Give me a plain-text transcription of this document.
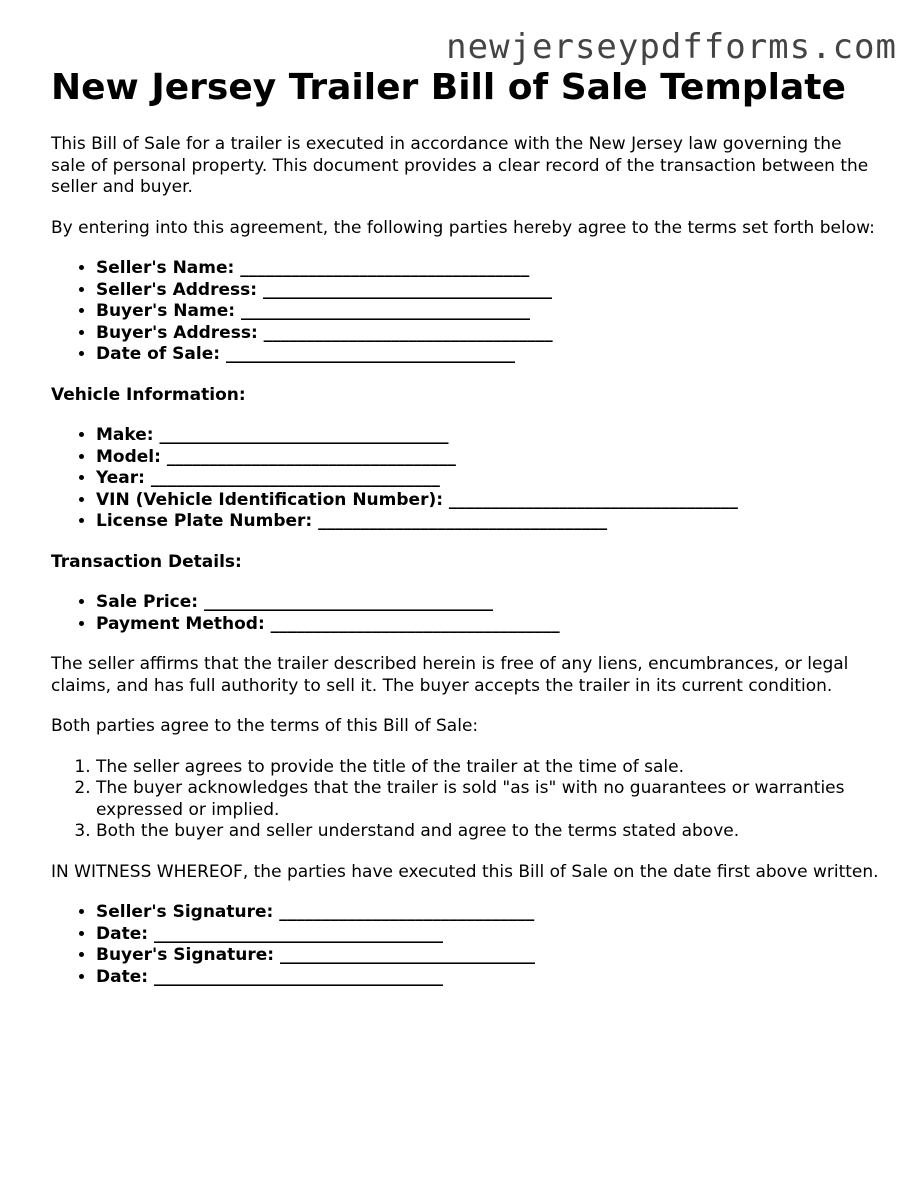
newjerseypdfforms.com
New Jersey Trailer Bill of Sale Template

This Bill of Sale for a trailer is executed in accordance with the New Jersey law governing the sale of personal property. This document provides a clear record of the transaction between the seller and buyer.

By entering into this agreement, the following parties hereby agree to the terms set forth below:

• Seller's Name: __________________________________
• Seller's Address: __________________________________
• Buyer's Name: __________________________________
• Buyer's Address: __________________________________
• Date of Sale: __________________________________
Vehicle Information:
• Make: __________________________________
• Model: __________________________________
• Year: __________________________________
• VIN (Vehicle Identification Number): __________________________________
• License Plate Number: __________________________________
Transaction Details:
• Sale Price: __________________________________
• Payment Method: __________________________________

The seller affirms that the trailer described herein is free of any liens, encumbrances, or legal claims, and has full authority to sell it. The buyer accepts the trailer in its current condition.

Both parties agree to the terms of this Bill of Sale:

1. The seller agrees to provide the title of the trailer at the time of sale.
2. The buyer acknowledges that the trailer is sold "as is" with no guarantees or warranties expressed or implied.
3. Both the buyer and seller understand and agree to the terms stated above.

IN WITNESS WHEREOF, the parties have executed this Bill of Sale on the date first above written.

• Seller's Signature: ______________________________
• Date: __________________________________
• Buyer's Signature: ______________________________
• Date: __________________________________
